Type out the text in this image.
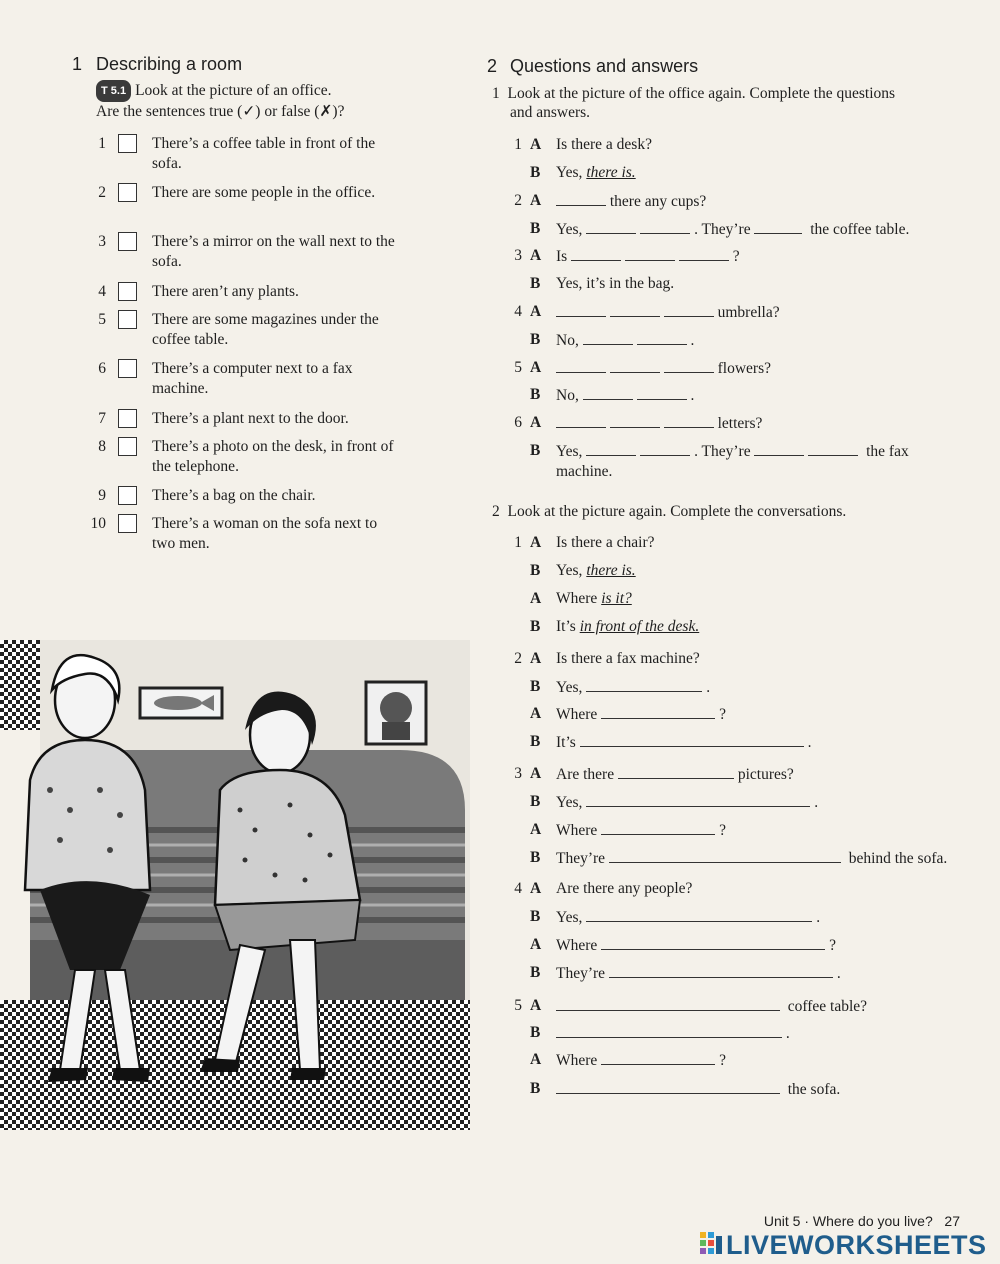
1 Describing a room
T 5.1 Look at the picture of an office.
Are the sentences true (✓) or false (✗)?
1	There’s a coffee table in front of the sofa.
2	There are some people in the office.
3	There’s a mirror on the wall next to the sofa.
4	There aren’t any plants.
5	There are some magazines under the coffee table.
6	There’s a computer next to a fax machine.
7	There’s a plant next to the door.
8	There’s a photo on the desk, in front of the telephone.
9	There’s a bag on the chair.
10	There’s a woman on the sofa next to two men.
2 Questions and answers
1 Look at the picture of the office again. Complete the questions
and answers.
1 A Is there a desk?
B Yes, there is.
2 A	there any cups?
B Yes,	. They’re	the coffee table.
3 A Is	?
B Yes, it’s in the bag.
4 A	umbrella?
B No,	.
5 A	flowers?
B No,	.
6 A	letters?
B Yes,	. They’re	the fax
machine.
2 Look at the picture again. Complete the conversations.
1 A Is there a chair?
B Yes, there is.
A Where is it?
B It’s in front of the desk.
2 A Is there a fax machine?
B Yes,	.
A Where	?
B It’s	.
3 A Are there	pictures?
B Yes,	.
A Where	?
B They’re	behind the sofa.
4 A Are there any people?
B Yes,	.
A Where	?
B They’re	.
5 A	coffee table?
B	.
A Where	?
B	the sofa.
Unit 5 · Where do you live? 27
LIVEWORKSHEETS
